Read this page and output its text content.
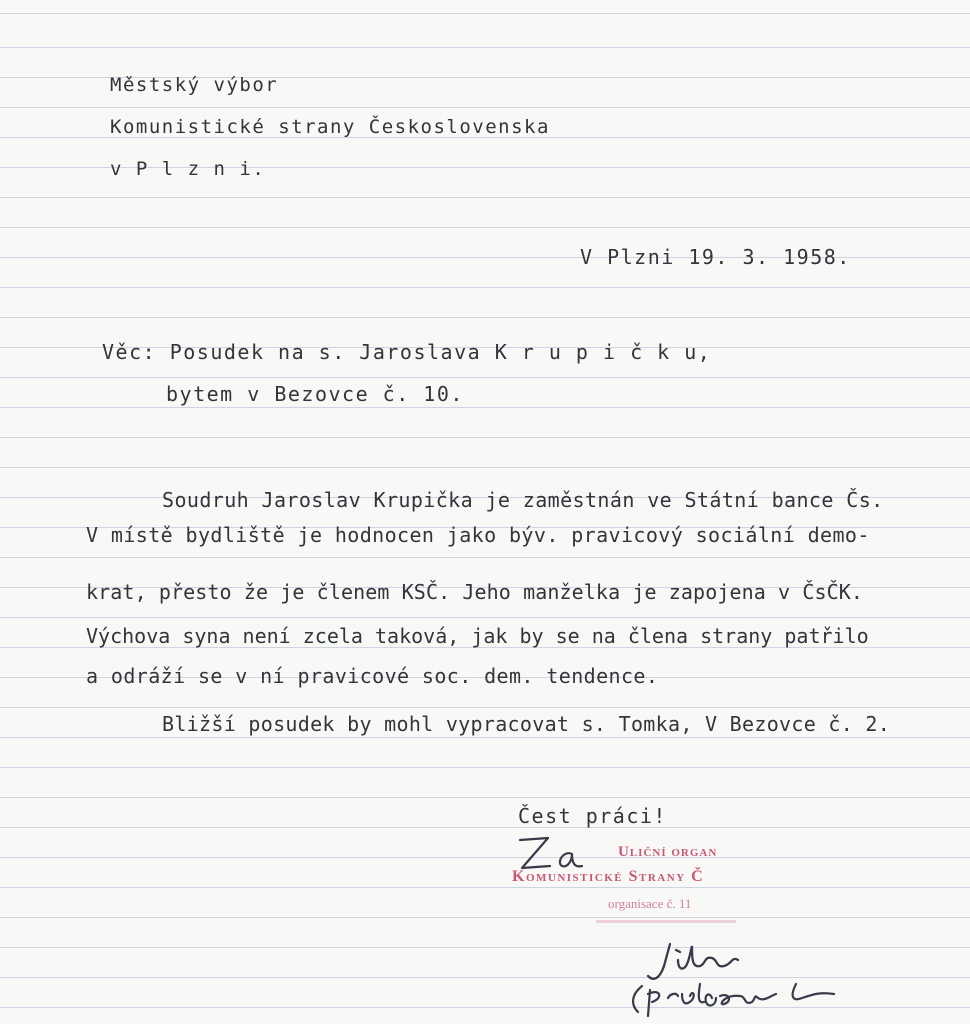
Městský výbor
Komunistické strany Československa
v P l z n i.
V Plzni 19. 3. 1958.
Věc: Posudek na s. Jaroslava K r u p i č k u,
bytem v Bezovce č. 10.
Soudruh Jaroslav Krupička je zaměstnán ve Státní bance Čs.
V místě bydliště je hodnocen jako býv. pravicový sociální demo-
krat, přesto že je členem KSČ. Jeho manželka je zapojena v ČsČK.
Výchova syna není zcela taková, jak by se na člena strany patřilo
a odráží se v ní pravicové soc. dem. tendence.
Bližší posudek by mohl vypracovat s. Tomka, V Bezovce č. 2.
Čest práci!
Uliční organ
Komunistické Strany Č
organisace č. 11
